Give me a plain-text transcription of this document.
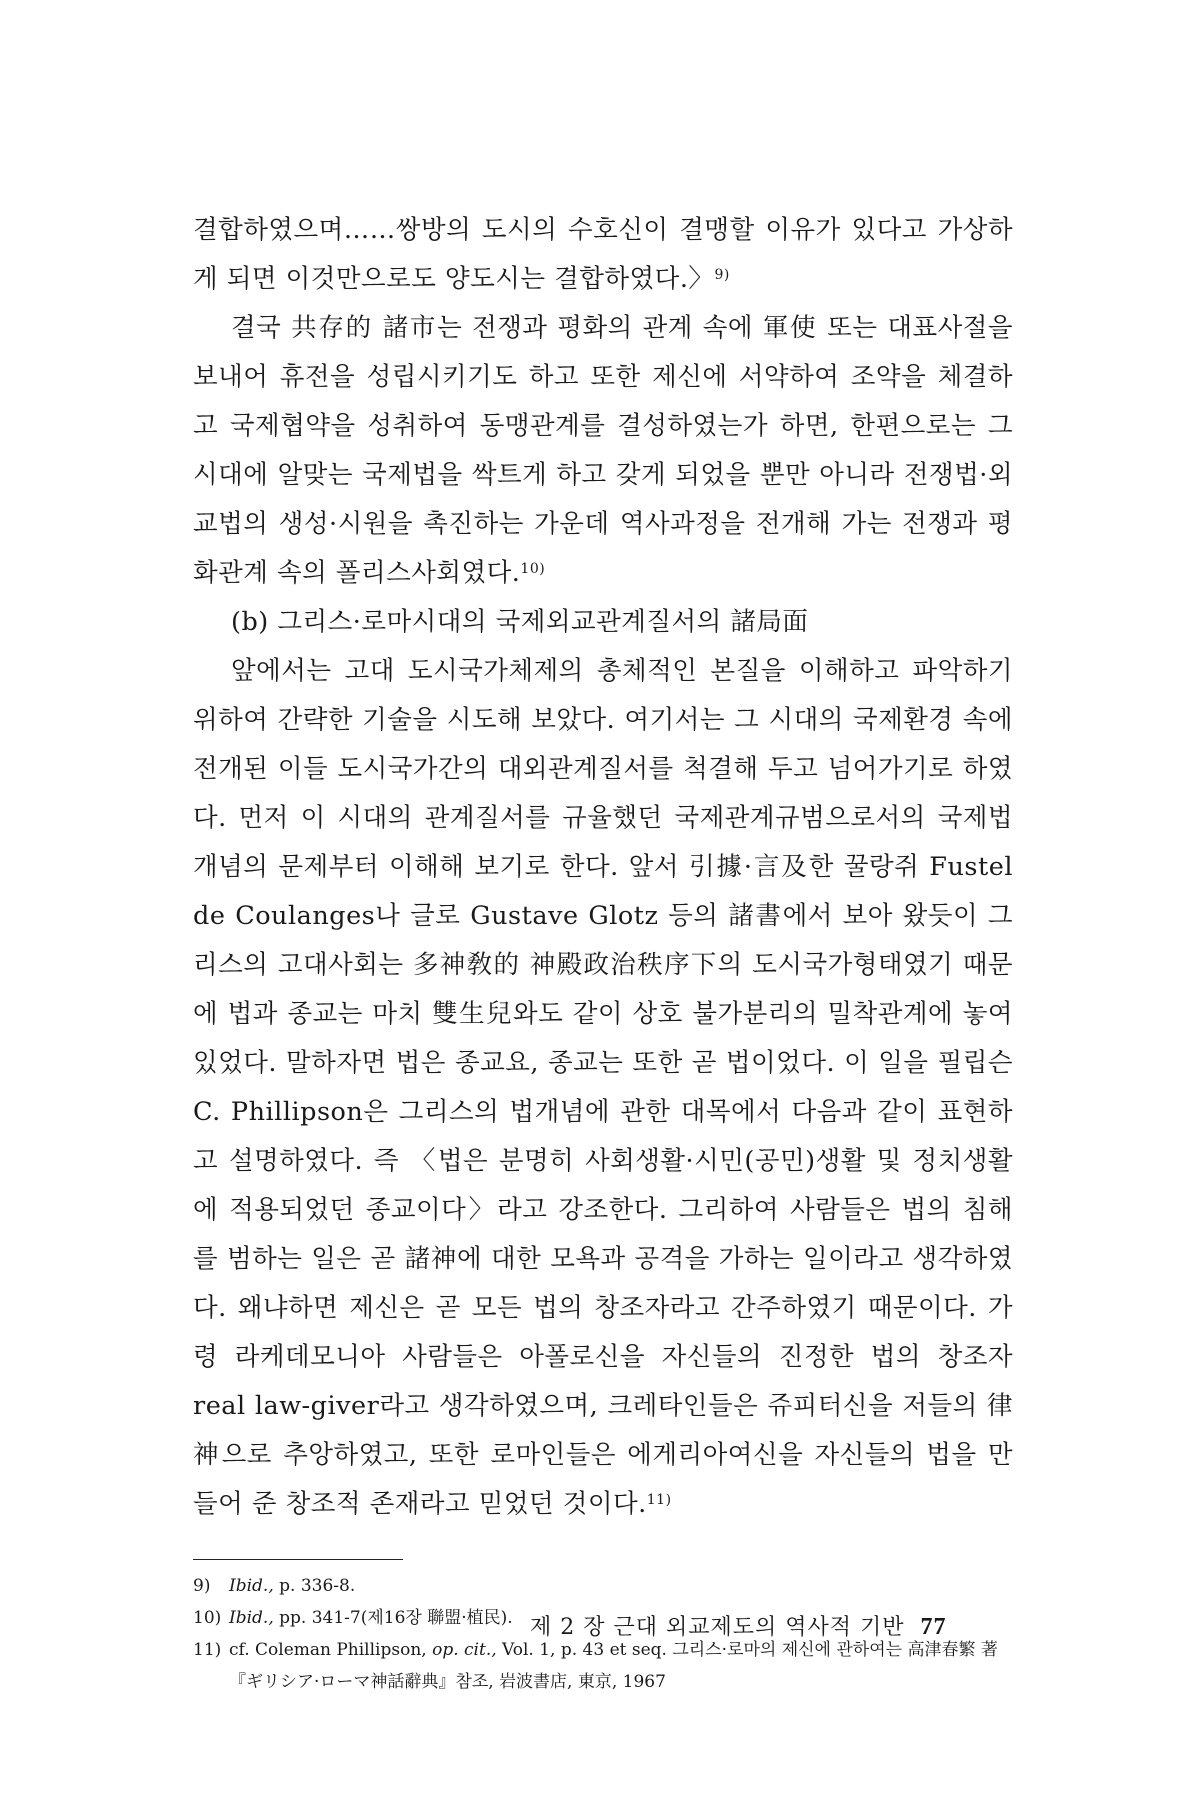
결합하였으며……쌍방의 도시의 수호신이 결맹할 이유가 있다고 가상하게 되면 이것만으로도 양도시는 결합하였다.〉$^{9)}$

결국 共存的 諸市는 전쟁과 평화의 관계 속에 軍使 또는 대표사절을 보내어 휴전을 성립시키기도 하고 또한 제신에 서약하여 조약을 체결하고 국제협약을 성취하여 동맹관계를 결성하였는가 하면, 한편으로는 그 시대에 알맞는 국제법을 싹트게 하고 갖게 되었을 뿐만 아니라 전쟁법·외교법의 생성·시원을 촉진하는 가운데 역사과정을 전개해 가는 전쟁과 평화관계 속의 폴리스사회였다.$^{10)}$

(b) 그리스·로마시대의 국제외교관계질서의 諸局面

앞에서는 고대 도시국가체제의 총체적인 본질을 이해하고 파악하기 위하여 간략한 기술을 시도해 보았다. 여기서는 그 시대의 국제환경 속에 전개된 이들 도시국가간의 대외관계질서를 척결해 두고 넘어가기로 하였다. 먼저 이 시대의 관계질서를 규율했던 국제관계규범으로서의 국제법 개념의 문제부터 이해해 보기로 한다. 앞서 引據·言及한 꿀랑쥐 Fustel de Coulanges나 글로 Gustave Glotz 등의 諸書에서 보아 왔듯이 그리스의 고대사회는 多神敎的 神殿政治秩序下의 도시국가형태였기 때문에 법과 종교는 마치 雙生兒와도 같이 상호 불가분리의 밀착관계에 놓여 있었다. 말하자면 법은 종교요, 종교는 또한 곧 법이었다. 이 일을 필립슨 C. Phillipson은 그리스의 법개념에 관한 대목에서 다음과 같이 표현하고 설명하였다. 즉 〈법은 분명히 사회생활·시민(공민)생활 및 정치생활에 적용되었던 종교이다〉라고 강조한다. 그리하여 사람들은 법의 침해를 범하는 일은 곧 諸神에 대한 모욕과 공격을 가하는 일이라고 생각하였다. 왜냐하면 제신은 곧 모든 법의 창조자라고 간주하였기 때문이다. 가령 라케데모니아 사람들은 아폴로신을 자신들의 진정한 법의 창조자 real law-giver라고 생각하였으며, 크레타인들은 쥬피터신을 저들의 律神으로 추앙하였고, 또한 로마인들은 에게리아여신을 자신들의 법을 만들어 준 창조적 존재라고 믿었던 것이다.$^{11)}$

9)	Ibid., p. 336-8.

10) Ibid., pp. 341-7(제16장 聯盟·植民).

11) cf. Coleman Phillipson, op. cit., Vol. 1, p. 43 et seq. 그리스·로마의 제신에 관하여는 高津春繁 著『ギリシア·ローマ神話辭典』참조, 岩波書店, 東京, 1967

제 2 장 근대 외교제도의 역사적 기반 77
